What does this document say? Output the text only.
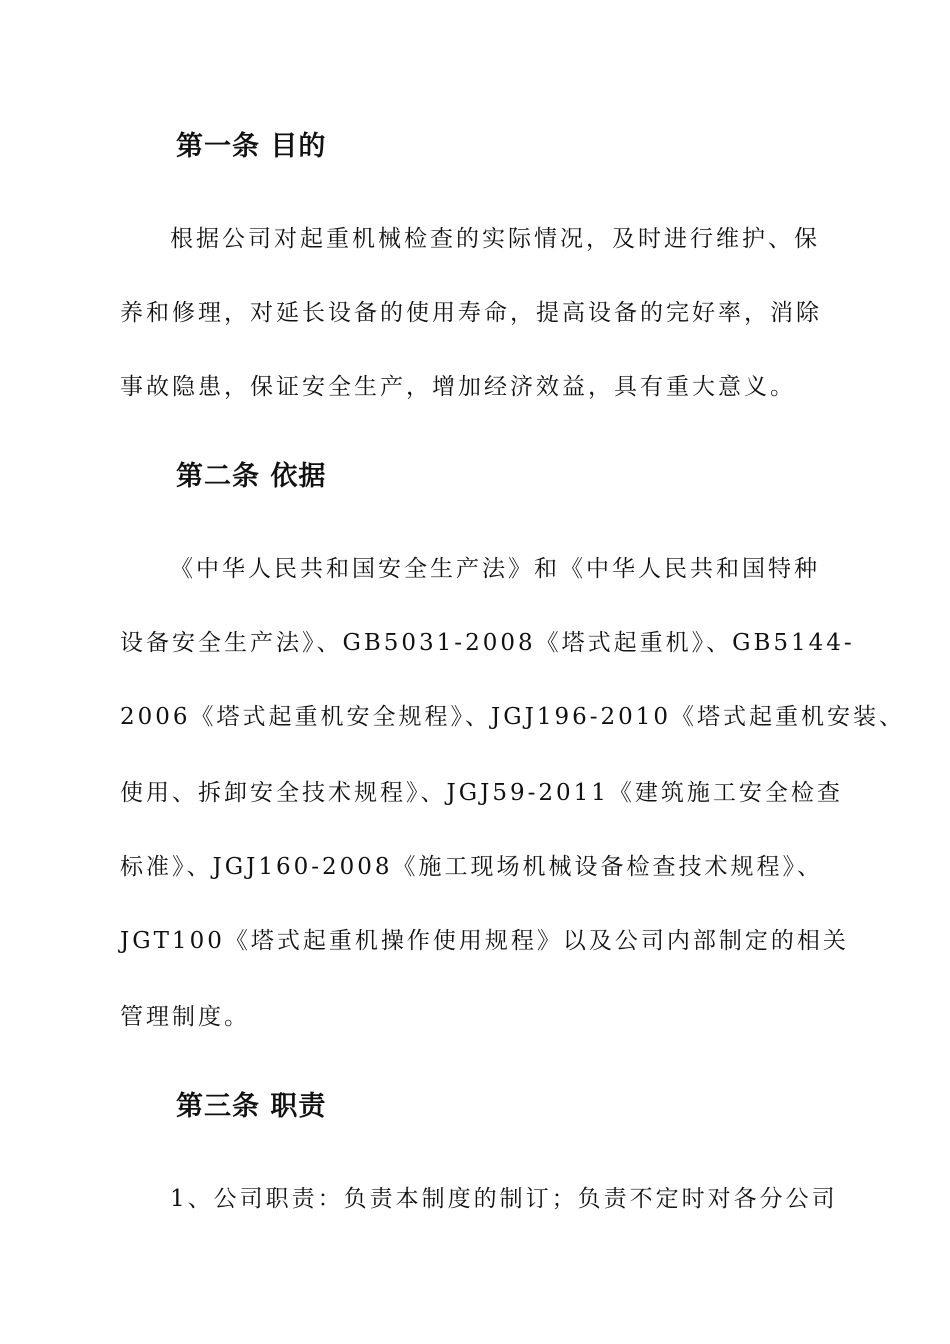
第一条 目的

根据公司对起重机械检查的实际情况，及时进行维护、保

养和修理，对延长设备的使用寿命，提高设备的完好率，消除

事故隐患，保证安全生产，增加经济效益，具有重大意义。

第二条 依据

《中华人民共和国安全生产法》和《中华人民共和国特种

设备安全生产法》、GB5031-2008《塔式起重机》、GB5144-

2006《塔式起重机安全规程》、JGJ196-2010《塔式起重机安装、

使用、拆卸安全技术规程》、JGJ59-2011《建筑施工安全检查

标准》、JGJ160-2008《施工现场机械设备检查技术规程》、

JGT100《塔式起重机操作使用规程》以及公司内部制定的相关

管理制度。

第三条 职责

1、公司职责：负责本制度的制订；负责不定时对各分公司
